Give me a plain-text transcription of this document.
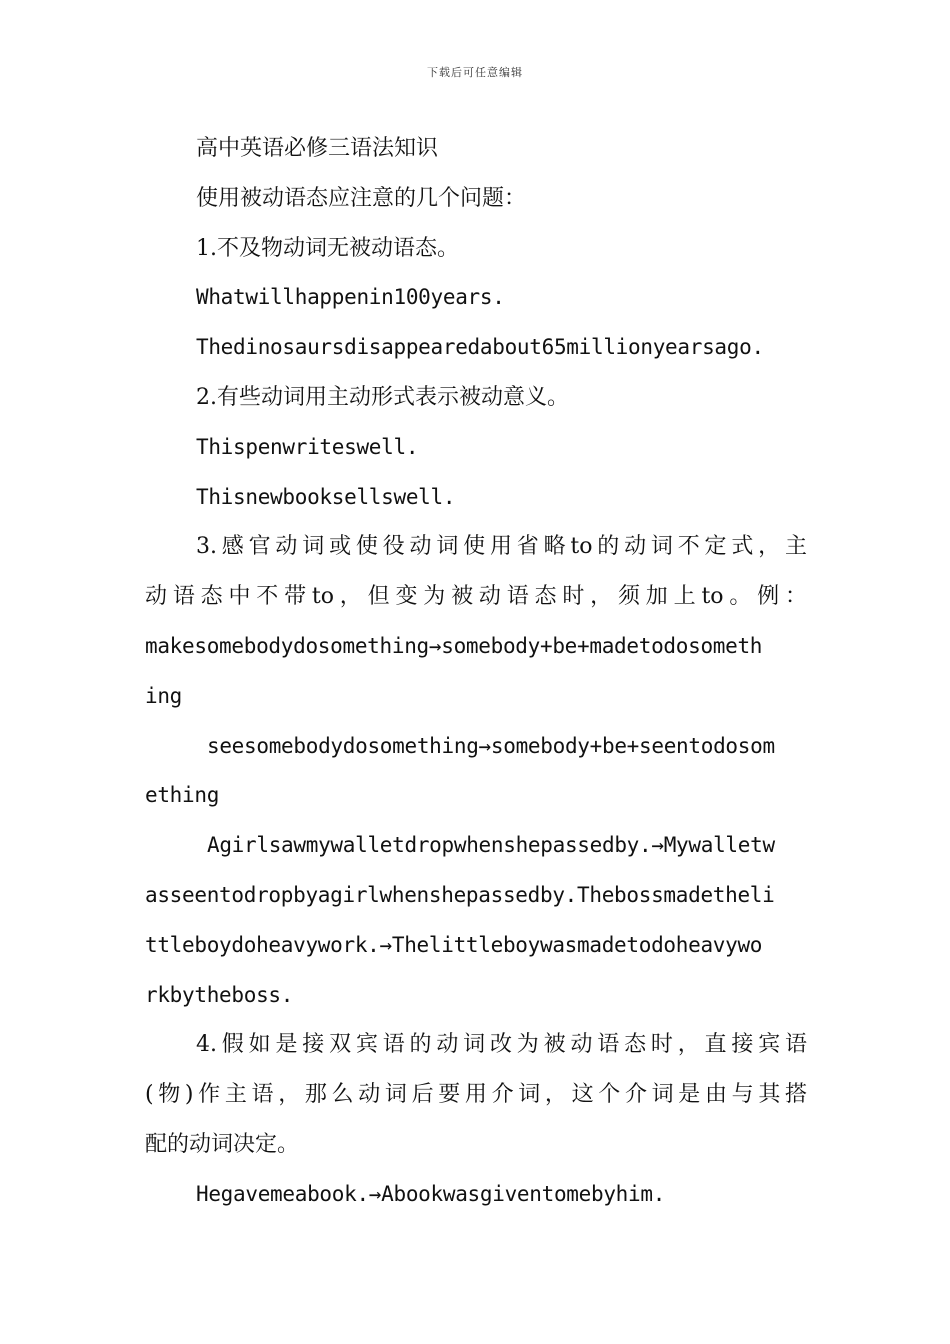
下载后可任意编辑
高中英语必修三语法知识
使用被动语态应注意的几个问题：
1.不及物动词无被动语态。
Whatwillhappenin100years.
Thedinosaursdisappearedabout65millionyearsago.
2.有些动词用主动形式表示被动意义。
Thispenwriteswell.
Thisnewbooksellswell.
3.感官动词或使役动词使用省略to的动词不定式，主
动语态中不带to，但变为被动语态时，须加上to。例：
makesomebodydosomething→somebody+be+madetodosometh
ing
seesomebodydosomething→somebody+be+seentodosom
ething
Agirlsawmywalletdropwhenshepassedby.→Mywalletw
asseentodropbyagirlwhenshepassedby.Thebossmadetheli
ttleboydoheavywork.→Thelittleboywasmadetodoheavywo
rkbytheboss.
4.假如是接双宾语的动词改为被动语态时，直接宾语
(物)作主语，那么动词后要用介词，这个介词是由与其搭
配的动词决定。
Hegavemeabook.→Abookwasgiventomebyhim.
